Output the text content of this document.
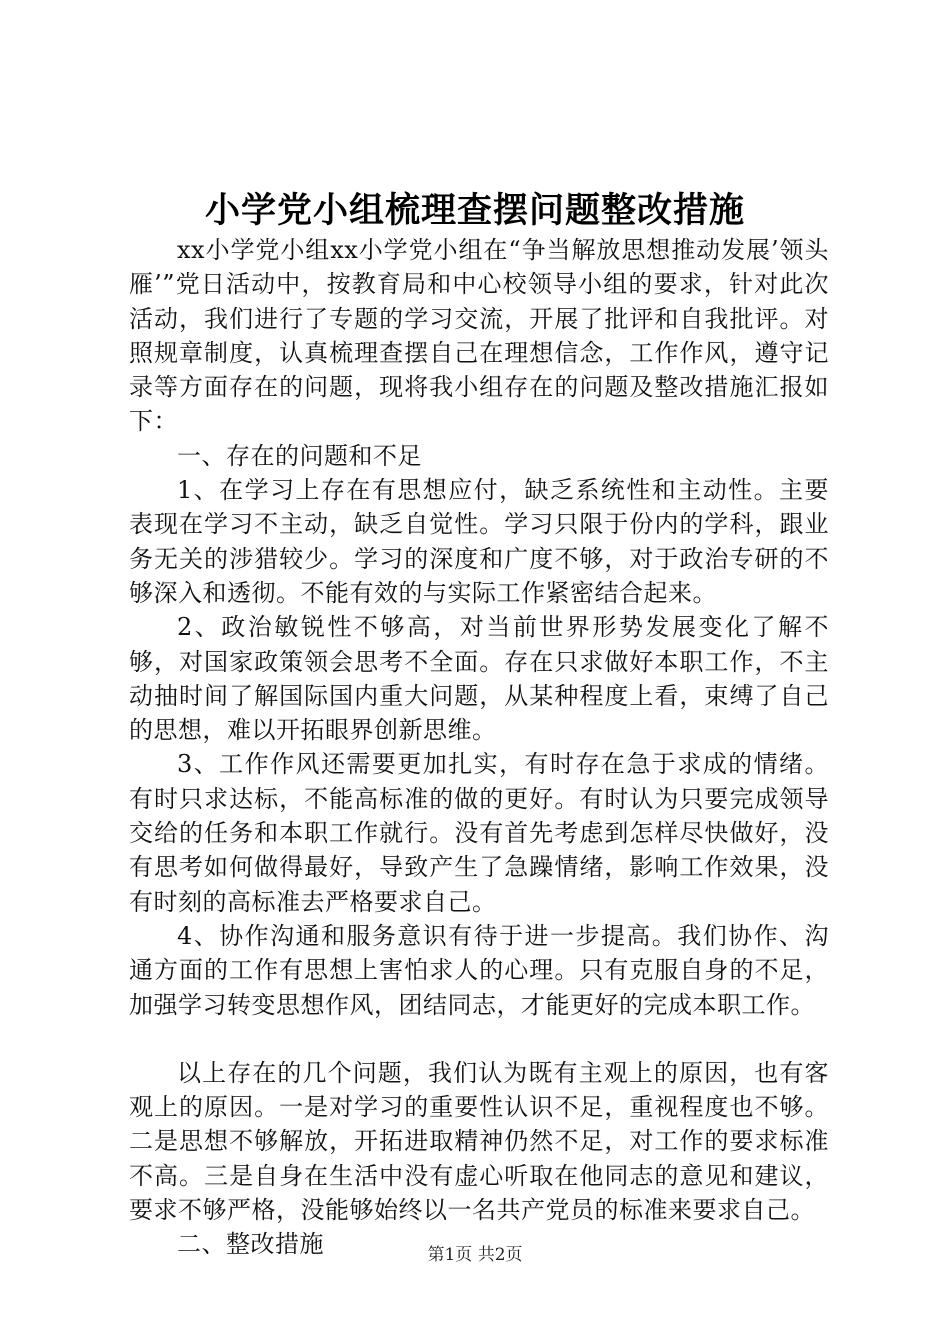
小学党小组梳理查摆问题整改措施

xx小学党小组xx小学党小组在“争当解放思想推动发展’领头雁’”党日活动中，按教育局和中心校领导小组的要求，针对此次活动，我们进行了专题的学习交流，开展了批评和自我批评。对照规章制度，认真梳理查摆自己在理想信念，工作作风，遵守记录等方面存在的问题，现将我小组存在的问题及整改措施汇报如下：

一、存在的问题和不足

1、在学习上存在有思想应付，缺乏系统性和主动性。主要表现在学习不主动，缺乏自觉性。学习只限于份内的学科，跟业务无关的涉猎较少。学习的深度和广度不够，对于政治专研的不够深入和透彻。不能有效的与实际工作紧密结合起来。

2、政治敏锐性不够高，对当前世界形势发展变化了解不够，对国家政策领会思考不全面。存在只求做好本职工作，不主动抽时间了解国际国内重大问题，从某种程度上看，束缚了自己的思想，难以开拓眼界创新思维。

3、工作作风还需要更加扎实，有时存在急于求成的情绪。有时只求达标，不能高标准的做的更好。有时认为只要完成领导交给的任务和本职工作就行。没有首先考虑到怎样尽快做好，没有思考如何做得最好，导致产生了急躁情绪，影响工作效果，没有时刻的高标准去严格要求自己。

4、协作沟通和服务意识有待于进一步提高。我们协作、沟通方面的工作有思想上害怕求人的心理。只有克服自身的不足，加强学习转变思想作风，团结同志，才能更好的完成本职工作。

以上存在的几个问题，我们认为既有主观上的原因，也有客观上的原因。一是对学习的重要性认识不足，重视程度也不够。二是思想不够解放，开拓进取精神仍然不足，对工作的要求标准不高。三是自身在生活中没有虚心听取在他同志的意见和建议，要求不够严格，没能够始终以一名共产党员的标准来要求自己。

二、整改措施	第1页 共2页
